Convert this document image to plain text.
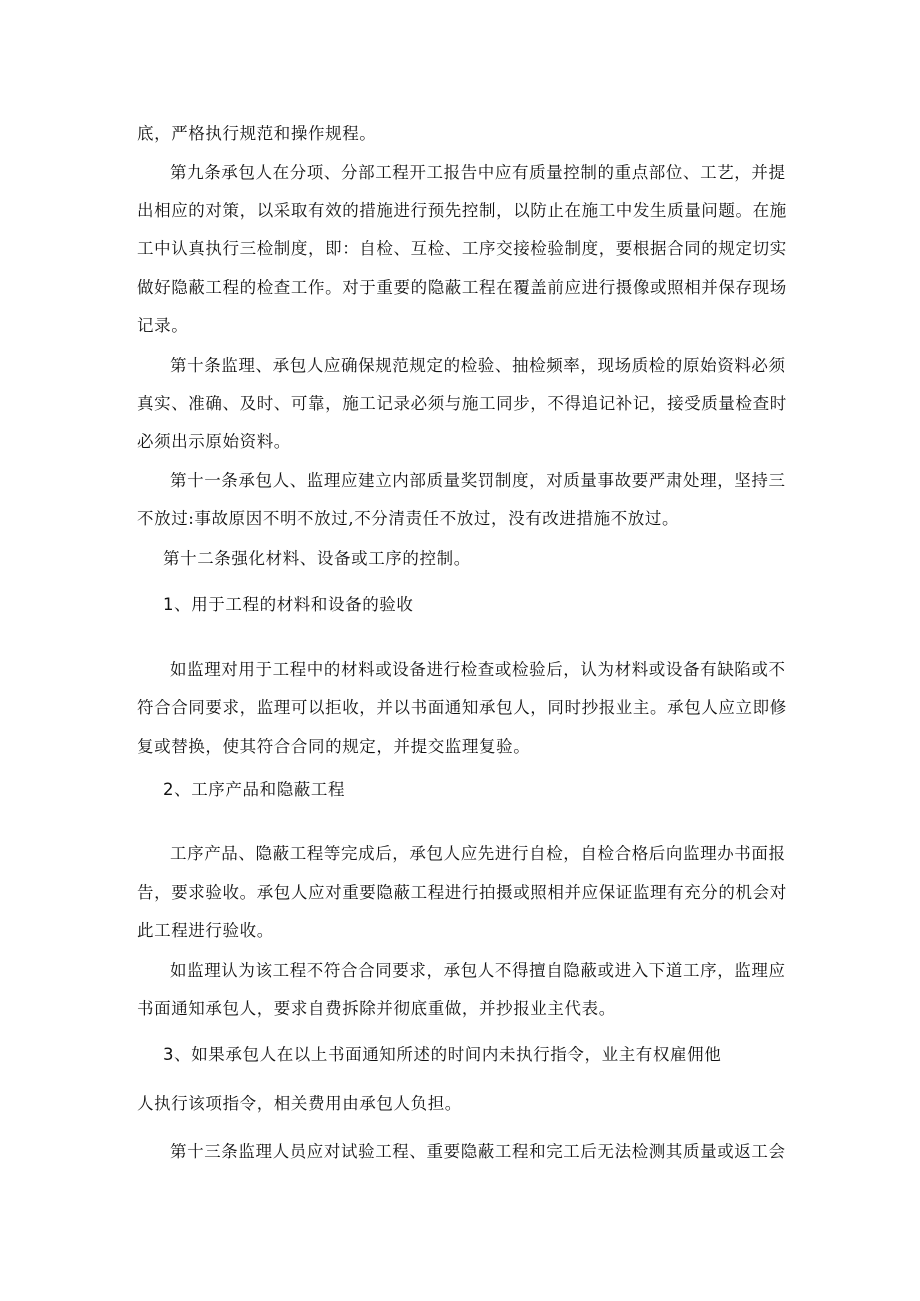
底，严格执行规范和操作规程。
第九条承包人在分项、分部工程开工报告中应有质量控制的重点部位、工艺，并提
出相应的对策，以采取有效的措施进行预先控制，以防止在施工中发生质量问题。在施
工中认真执行三检制度，即：自检、互检、工序交接检验制度，要根据合同的规定切实
做好隐蔽工程的检查工作。对于重要的隐蔽工程在覆盖前应进行摄像或照相并保存现场
记录。
第十条监理、承包人应确保规范规定的检验、抽检频率，现场质检的原始资料必须
真实、准确、及时、可靠，施工记录必须与施工同步，不得追记补记，接受质量检查时
必须出示原始资料。
第十一条承包人、监理应建立内部质量奖罚制度，对质量事故要严肃处理，坚持三
不放过:事故原因不明不放过,不分清责任不放过，没有改进措施不放过。
第十二条强化材料、设备或工序的控制。
1、用于工程的材料和设备的验收
如监理对用于工程中的材料或设备进行检查或检验后，认为材料或设备有缺陷或不
符合合同要求，监理可以拒收，并以书面通知承包人，同时抄报业主。承包人应立即修
复或替换，使其符合合同的规定，并提交监理复验。
2、工序产品和隐蔽工程
工序产品、隐蔽工程等完成后，承包人应先进行自检，自检合格后向监理办书面报
告，要求验收。承包人应对重要隐蔽工程进行拍摄或照相并应保证监理有充分的机会对
此工程进行验收。
如监理认为该工程不符合合同要求，承包人不得擅自隐蔽或进入下道工序，监理应
书面通知承包人，要求自费拆除并彻底重做，并抄报业主代表。
3、如果承包人在以上书面通知所述的时间内未执行指令，业主有权雇佣他
人执行该项指令，相关费用由承包人负担。
第十三条监理人员应对试验工程、重要隐蔽工程和完工后无法检测其质量或返工会
